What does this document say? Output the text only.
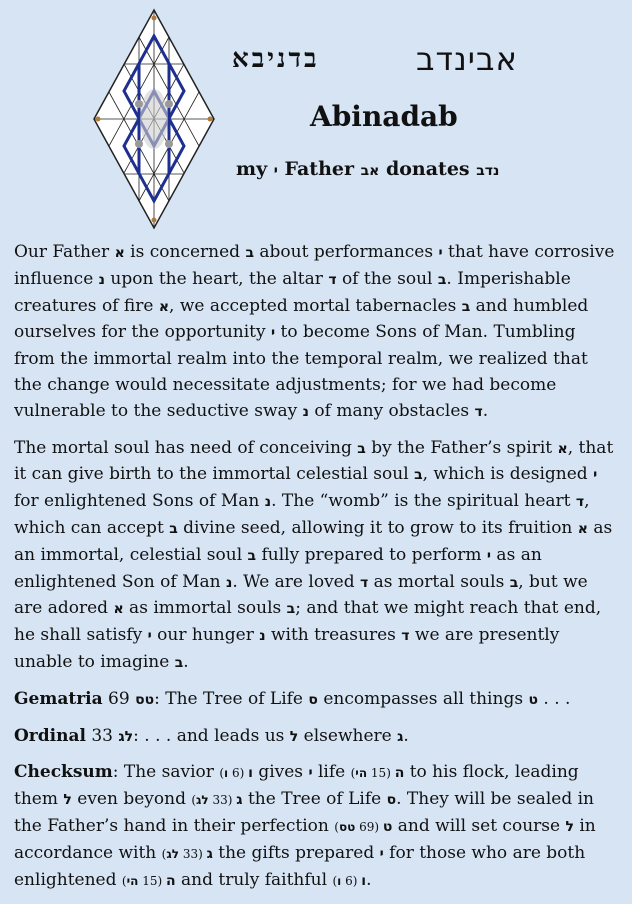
בדניבא	אבינדב
Abinadab
my י Father אב donates נדב

Our Father א is concerned ב about performances י that have corrosive influence נ upon the heart, the altar ד of the soul ב. Imperishable creatures of fire א, we accepted mortal tabernacles ב and humbled ourselves for the opportunity י to become Sons of Man. Tumbling from the immortal realm into the temporal realm, we realized that the change would necessitate adjustments; for we had become vulnerable to the seductive sway נ of many obstacles ד.

The mortal soul has need of conceiving ב by the Father’s spirit א, that it can give birth to the immortal celestial soul ב, which is designed י for enlightened Sons of Man נ. The “womb” is the spiritual heart ד, which can accept ב divine seed, allowing it to grow to its fruition א as an immortal, celestial soul ב fully prepared to perform י as an enlightened Son of Man נ. We are loved ד as mortal souls ב, but we are adored א as immortal souls ב; and that we might reach that end, he shall satisfy י our hunger נ with treasures ד we are presently unable to imagine ב.

Gematria 69 טס: The Tree of Life ס encompasses all things ט . . .

Ordinal 33 לג: . . . and leads us ל elsewhere ג.

Checksum: The savior ו (6 ו) gives י life	ה (15 הי)	to his flock, leading them ל even beyond	ג (33 לג)	the Tree of Life ס. They will be sealed in the Father’s hand in their perfection	ט (69 טס)	and will set course ל in accordance with	ג (33 לג)	the gifts prepared י for those who are both enlightened	ה (15 הי)	and truly faithful ו (6 ו) .
